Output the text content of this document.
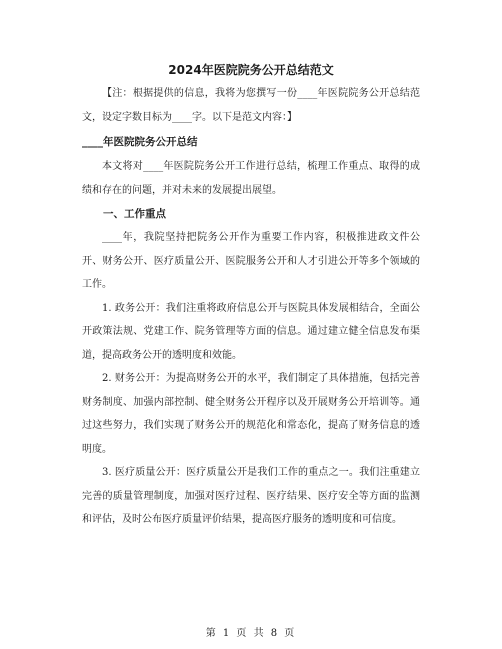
2024年医院院务公开总结范文

【注：根据提供的信息，我将为您撰写一份____年医院院务公开总结范文，设定字数目标为____字。以下是范文内容：】

____年医院院务公开总结

本文将对____年医院院务公开工作进行总结，梳理工作重点、取得的成绩和存在的问题，并对未来的发展提出展望。

一、工作重点

____年，我院坚持把院务公开作为重要工作内容，积极推进政文件公开、财务公开、医疗质量公开、医院服务公开和人才引进公开等多个领域的工作。

1. 政务公开：我们注重将政府信息公开与医院具体发展相结合，全面公开政策法规、党建工作、院务管理等方面的信息。通过建立健全信息发布渠道，提高政务公开的透明度和效能。

2. 财务公开：为提高财务公开的水平，我们制定了具体措施，包括完善财务制度、加强内部控制、健全财务公开程序以及开展财务公开培训等。通过这些努力，我们实现了财务公开的规范化和常态化，提高了财务信息的透明度。

3. 医疗质量公开：医疗质量公开是我们工作的重点之一。我们注重建立完善的质量管理制度，加强对医疗过程、医疗结果、医疗安全等方面的监测和评估，及时公布医疗质量评价结果，提高医疗服务的透明度和可信度。

第 1 页 共 8 页
